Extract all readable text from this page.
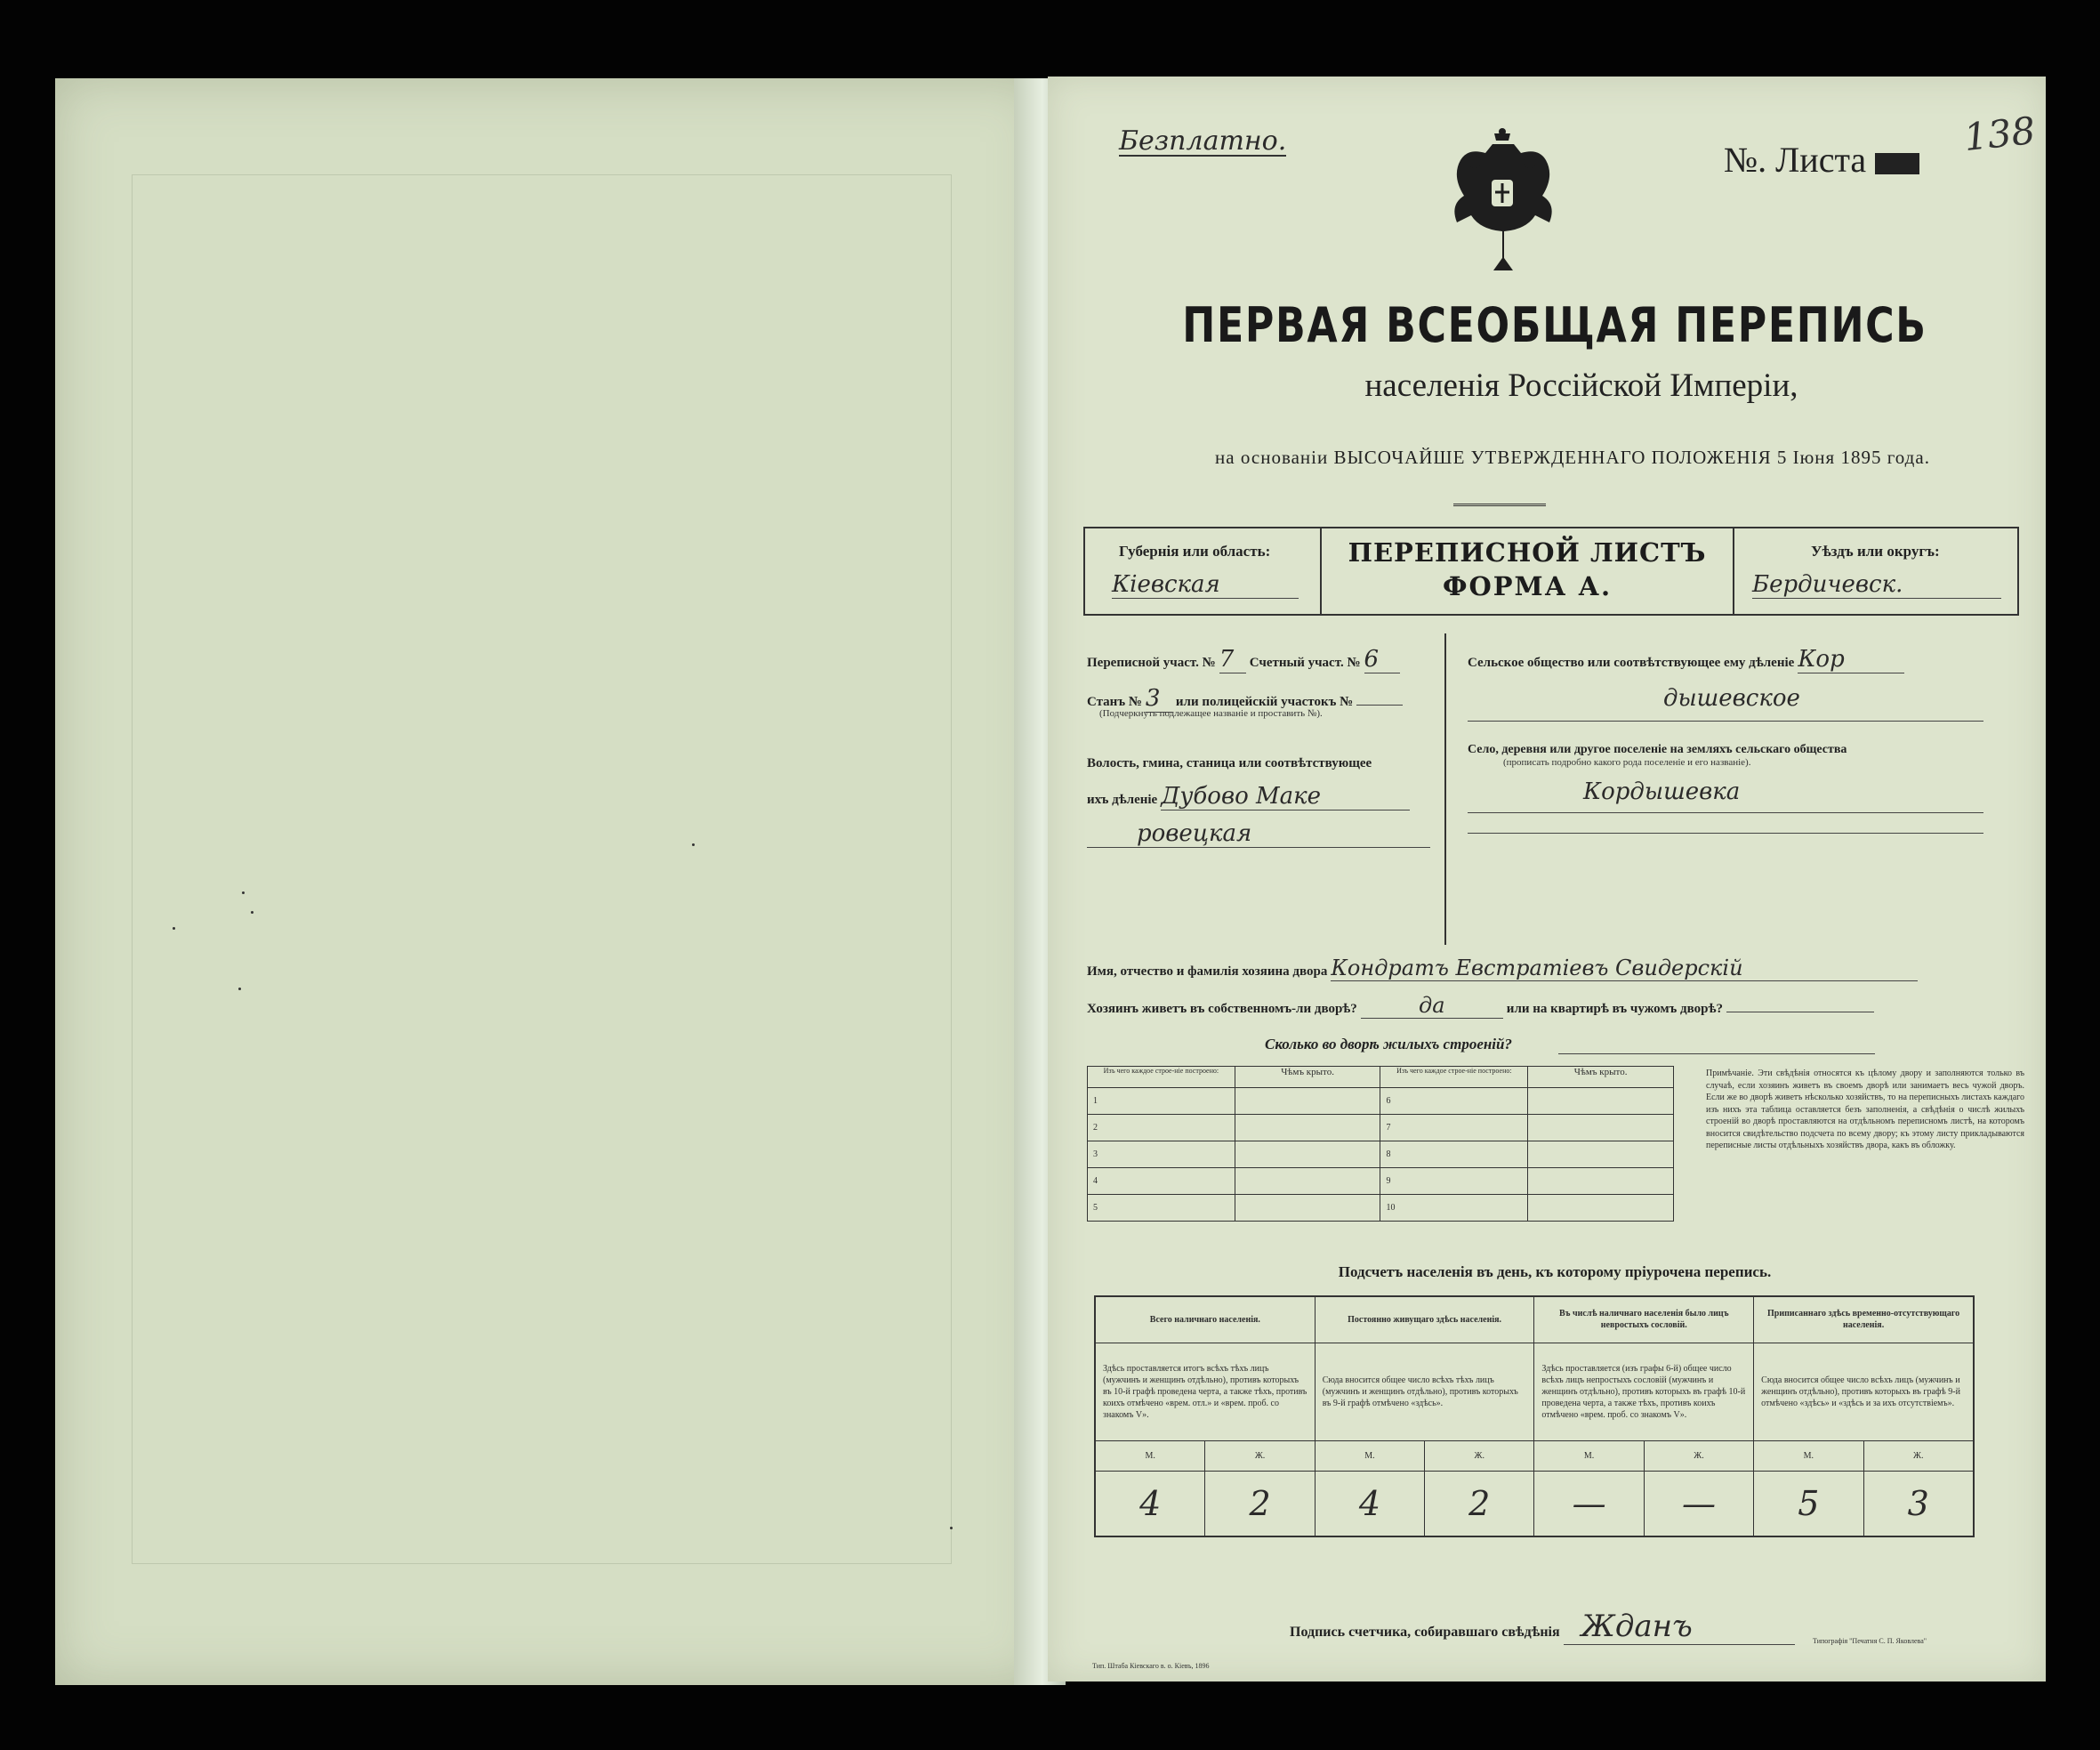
Безплатно.	№. Листа
138
ПЕРВАЯ ВСЕОБЩАЯ ПЕРЕПИСЬ
населенія Россійской Имперіи,
на основаніи ВЫСОЧАЙШЕ УТВЕРЖДЕННАГО ПОЛОЖЕНІЯ 5 Іюня 1895 года.
Губернія или область:
Кіевская
ПЕРЕПИСНОЙ ЛИСТЪ
ФОРМА А.
Уѣздъ или округъ:
Бердичевск.
Переписной участ. № 7 Счетный участ. № 6
Станъ № 3 или полицейскій участокъ №
(Подчеркнуть подлежащее названіе и проставить №).
Волость, гмина, станица или соотвѣтствующее
ихъ дѣленіе Дубово Маке
ровецкая
Сельское общество или соотвѣтствующее ему дѣленіе Кор
дышевское
Село, деревня или другое поселеніе на земляхъ сельскаго общества
(прописать подробно какого рода поселеніе и его названіе).
Кордышевка
Имя, отчество и фамилія хозяина двора Кондратъ Евстратіевъ Свидерскій
Хозяинъ живетъ въ собственномъ-ли дворѣ?	да	или на квартирѣ въ чужомъ дворѣ?
Сколько во дворѣ жилыхъ строеній?
Изъ чего каждое строе-ніе построено:	Чѣмъ крыто.	Изъ чего каждое строе-ніе построено:	Чѣмъ крыто.
1		6	
2		7	
3		8	
4		9	
5		10	
Примѣчаніе. Эти свѣдѣнія относятся къ цѣлому двору и заполняются только въ случаѣ, если хозяинъ живетъ въ своемъ дворѣ или занимаетъ весь чужой дворъ. Если же во дворѣ живетъ нѣсколько хозяйствъ, то на переписныхъ листахъ каждаго изъ нихъ эта таблица оставляется безъ заполненія, а свѣдѣнія о числѣ жилыхъ строеній во дворѣ проставляются на отдѣльномъ переписномъ листѣ, на которомъ вносится свидѣтельство подсчета по всему двору; къ этому листу прикладываются переписные листы отдѣльныхъ хозяйствъ двора, какъ въ обложку.
Подсчетъ населенія въ день, къ которому пріурочена перепись.
Всего наличнаго населенія.		Постоянно живущаго здѣсь населенія.		Въ числѣ наличнаго населенія было лицъ невростыхъ сословій.		Приписаннаго здѣсь временно-отсутствующаго населенія.	
Здѣсь проставляется итогъ всѣхъ тѣхъ лицъ (мужчинъ и женщинъ отдѣльно), противъ которыхъ въ 10-й графѣ проведена черта, а также тѣхъ, противъ коихъ отмѣчено «врем. отл.» и «врем. проб. со знакомъ V».		Сюда вносится общее число всѣхъ тѣхъ лицъ (мужчинъ и женщинъ отдѣльно), противъ которыхъ въ 9-й графѣ отмѣчено «здѣсь».		Здѣсь проставляется (изъ графы 6-й) общее число всѣхъ лицъ непростыхъ сословій (мужчинъ и женщинъ отдѣльно), противъ которыхъ въ графѣ 10-й проведена черта, а также тѣхъ, противъ коихъ отмѣчено «врем. проб. со знакомъ V».		Сюда вносится общее число всѣхъ лицъ (мужчинъ и женщинъ отдѣльно), противъ которыхъ въ графѣ 9-й отмѣчено «здѣсь» и «здѣсь и за ихъ отсутствіемъ».	
М.	Ж.	М.	Ж.	М.	Ж.	М.	Ж.
4	2	4	2	—	—	5	3
Подпись счетчика, собиравшаго свѣдѣнія Жданъ
Тип. Штаба Кіевскаго в. о. Кіевъ, 1896
Типографія "Печатня С. П. Яковлева"
